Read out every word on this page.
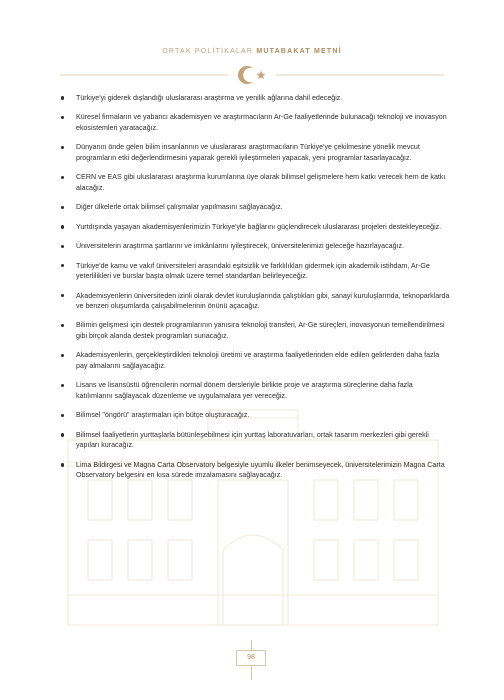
ORTAK POLİTİKALAR MUTABAKAT METNİ
Türkiye'yi giderek dışlandığı uluslararası araştırma ve yenilik ağlarına dahil edeceğiz.
Küresel firmaların ve yabancı akademisyen ve araştırmacıların Ar-Ge faaliyetlerinde bulunacağı teknoloji ve inovasyon ekosistemleri yaratacağız.
Dünyanın önde gelen bilim insanlarının ve uluslararası araştırmacıların Türkiye'ye çekilmesine yönelik mevcut programların etki değerlendirmesini yaparak gerekli iyileştirmeleri yapacak, yeni programlar tasarlayacağız.
CERN ve EAS gibi uluslararası araştırma kurumlarına üye olarak bilimsel gelişmelere hem katkı verecek hem de katkı alacağız.
Diğer ülkelerle ortak bilimsel çalışmalar yapılmasını sağlayacağız.
Yurtdışında yaşayan akademisyenlerimizin Türkiye'yle bağlarını güçlendirecek uluslararası projeleri destekleyeceğiz.
Üniversitelerin araştırma şartlarını ve imkânlarını iyileştirecek, üniversitelerimizi geleceğe hazırlayacağız.
Türkiye'de kamu ve vakıf üniversiteleri arasındaki eşitsizlik ve farklılıkları gidermek için akademik istihdam, Ar-Ge yeterlilikleri ve burslar başta olmak üzere temel standartları belirleyeceğiz.
Akademisyenlerin üniversiteden izinli olarak devlet kuruluşlarında çalıştıkları gibi, sanayi kuruluşlarında, teknoparklarda ve benzeri oluşumlarda çalışabilmelerinin önünü açacağız.
Bilimin gelişmesi için destek programlarının yanısıra teknoloji transferi, Ar-Ge süreçleri, inovasyonun temellendirilmesi gibi birçok alanda destek programları sunacağız.
Akademisyenlerin, gerçekleştirdikleri teknoloji üretimi ve araştırma faaliyetlerinden elde edilen gelirlerden daha fazla pay almalarını sağlayacağız.
Lisans ve lisansüstü öğrencilerin normal dönem dersleriyle birlikte proje ve araştırma süreçlerine daha fazla katılımlarını sağlayacak düzenleme ve uygulamalara yer vereceğiz.
Bilimsel "öngörü" araştırmaları için bütçe oluşturacağız.
Bilimsel faaliyetlerin yurttaşlarla bütünleşebilmesi için yurttaş laboratuvarları, ortak tasarım merkezleri gibi gerekli yapıları kuracağız.
Lima Bildirgesi ve Magna Carta Observatory belgesiyle uyumlu ilkeler benimseyecek, üniversitelerimizin Magna Carta Observatory belgesini en kısa sürede imzalamasını sağlayacağız.
98
